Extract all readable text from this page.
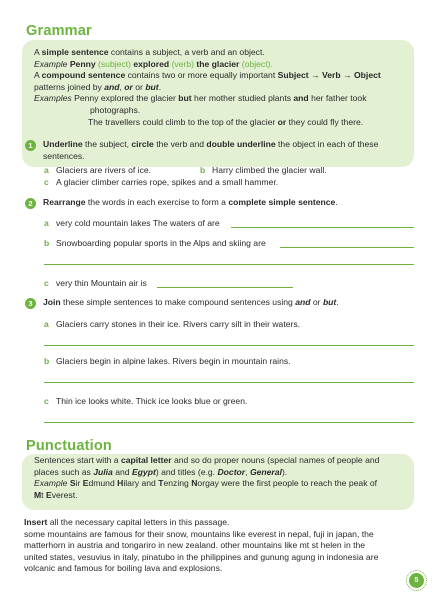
Grammar
A simple sentence contains a subject, a verb and an object.
Example Penny (subject) explored (verb) the glacier (object).
A compound sentence contains two or more equally important Subject → Verb → Object
patterns joined by and, or or but.
Examples Penny explored the glacier but her mother studied plants and her father took
photographs.
The travellers could climb to the top of the glacier or they could fly there.
1	Underline the subject, circle the verb and double underline the object in each of these
sentences.
a Glaciers are rivers of ice.	b Harry climbed the glacier wall.
c A glacier climber carries rope, spikes and a small hammer.
2	Rearrange the words in each exercise to form a complete simple sentence.
a very cold mountain lakes The waters of are
b Snowboarding popular sports in the Alps and skiing are
c very thin Mountain air is
3	Join these simple sentences to make compound sentences using and or but.
a Glaciers carry stones in their ice. Rivers carry silt in their waters.
b Glaciers begin in alpine lakes. Rivers begin in mountain rains.
c Thin ice looks white. Thick ice looks blue or green.
Punctuation
Sentences start with a capital letter and so do proper nouns (special names of people and
places such as Julia and Egypt) and titles (e.g. Doctor, General).
Example Sir Edmund Hilary and Tenzing Norgay were the first people to reach the peak of
Mt Everest.
Insert all the necessary capital letters in this passage.
some mountains are famous for their snow, mountains like everest in nepal, fuji in japan, the
matterhorn in austria and tongariro in new zealand. other mountains like mt st helen in the
united states, vesuvius in italy, pinatubo in the philippines and gunung agung in indonesia are
volcanic and famous for boiling lava and explosions.
5
